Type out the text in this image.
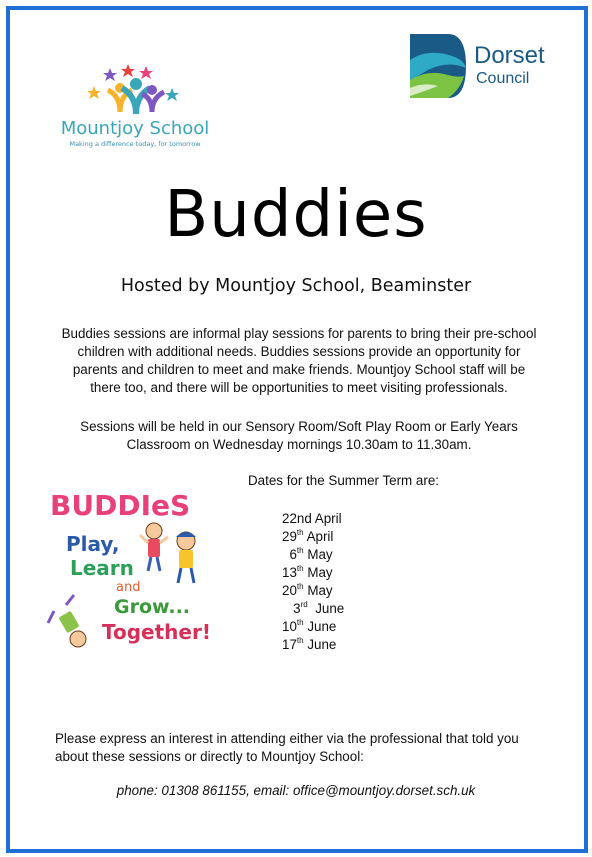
Mountjoy School
Making a difference today, for tomorrow
Dorset
Council
Buddies
Hosted by Mountjoy School, Beaminster

Buddies sessions are informal play sessions for parents to bring their pre-school children with additional needs. Buddies sessions provide an opportunity for parents and children to meet and make friends. Mountjoy School staff will be there too, and there will be opportunities to meet visiting professionals.

Sessions will be held in our Sensory Room/Soft Play Room or Early Years Classroom on Wednesday mornings 10.30am to 11.30am.

Dates for the Summer Term are:
22nd April
29th April
6th May
13th May
20th May
3rd June
10th June
17th June
BUDDIeS
Play,
Learn
and
Grow...
Together!

Please express an interest in attending either via the professional that told you about these sessions or directly to Mountjoy School:

phone: 01308 861155, email: office@mountjoy.dorset.sch.uk
